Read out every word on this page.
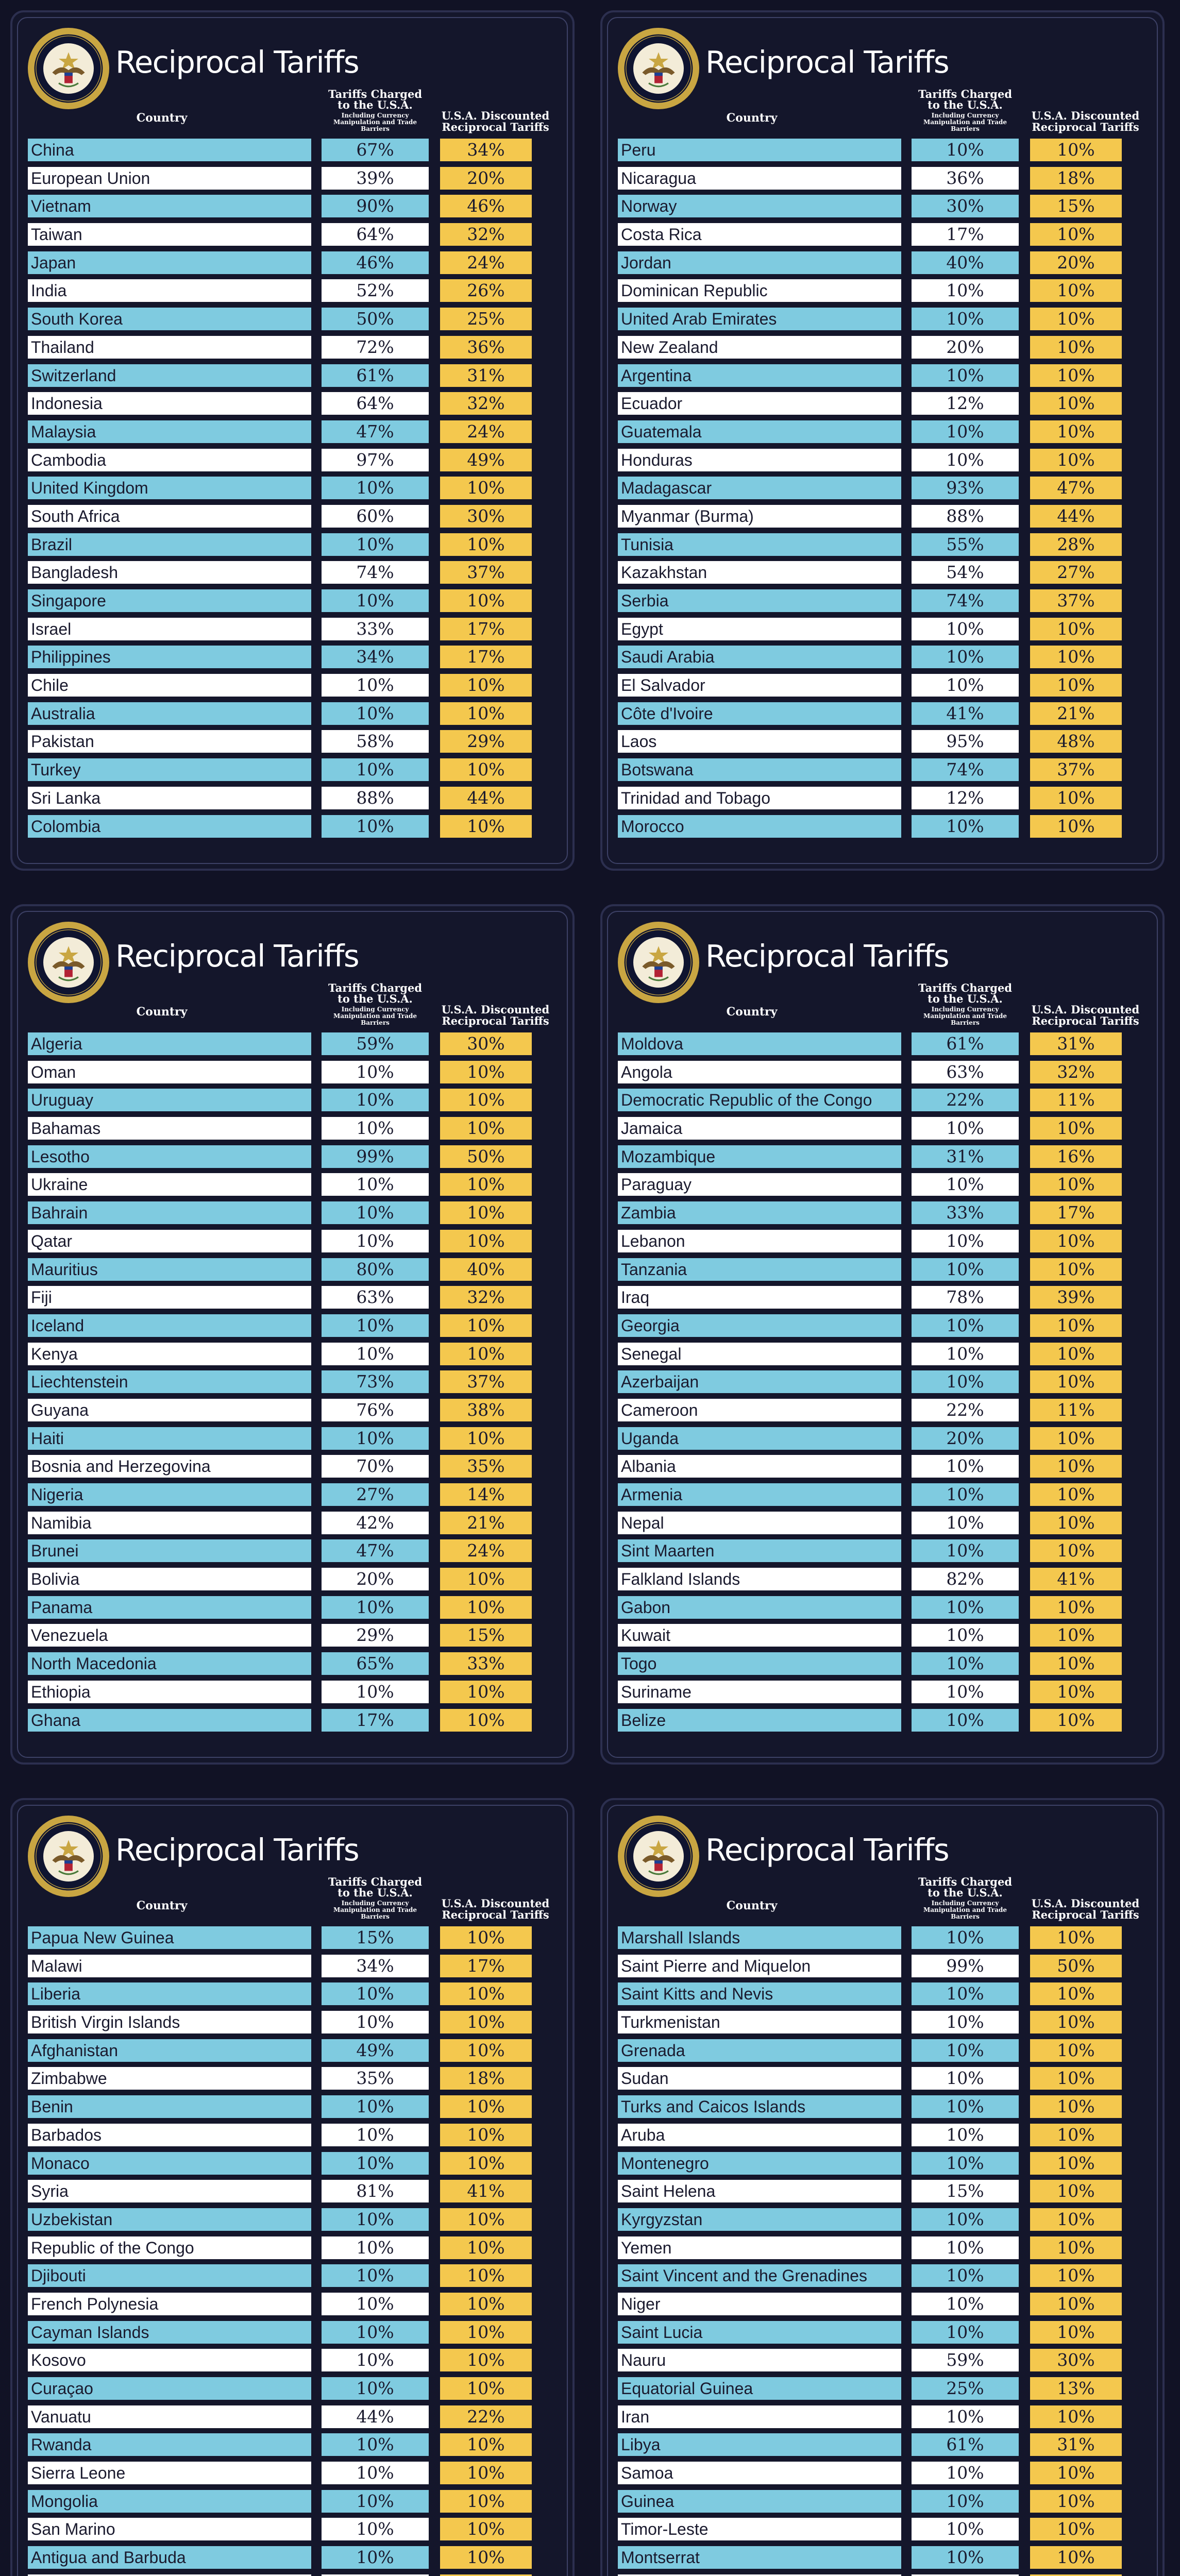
Reciprocal Tariffs
Country
Tariffs Charged to the U.S.A.
Including Currency Manipulation and Trade Barriers
U.S.A. Discounted Reciprocal Tariffs
China	67%	34%
European Union	39%	20%
Vietnam	90%	46%
Taiwan	64%	32%
Japan	46%	24%
India	52%	26%
South Korea	50%	25%
Thailand	72%	36%
Switzerland	61%	31%
Indonesia	64%	32%
Malaysia	47%	24%
Cambodia	97%	49%
United Kingdom	10%	10%
South Africa	60%	30%
Brazil	10%	10%
Bangladesh	74%	37%
Singapore	10%	10%
Israel	33%	17%
Philippines	34%	17%
Chile	10%	10%
Australia	10%	10%
Pakistan	58%	29%
Turkey	10%	10%
Sri Lanka	88%	44%
Colombia	10%	10%
Reciprocal Tariffs
Country
Tariffs Charged to the U.S.A.
Including Currency Manipulation and Trade Barriers
U.S.A. Discounted Reciprocal Tariffs
Peru	10%	10%
Nicaragua	36%	18%
Norway	30%	15%
Costa Rica	17%	10%
Jordan	40%	20%
Dominican Republic	10%	10%
United Arab Emirates	10%	10%
New Zealand	20%	10%
Argentina	10%	10%
Ecuador	12%	10%
Guatemala	10%	10%
Honduras	10%	10%
Madagascar	93%	47%
Myanmar (Burma)	88%	44%
Tunisia	55%	28%
Kazakhstan	54%	27%
Serbia	74%	37%
Egypt	10%	10%
Saudi Arabia	10%	10%
El Salvador	10%	10%
Côte d'Ivoire	41%	21%
Laos	95%	48%
Botswana	74%	37%
Trinidad and Tobago	12%	10%
Morocco	10%	10%
Reciprocal Tariffs
Country
Tariffs Charged to the U.S.A.
Including Currency Manipulation and Trade Barriers
U.S.A. Discounted Reciprocal Tariffs
Algeria	59%	30%
Oman	10%	10%
Uruguay	10%	10%
Bahamas	10%	10%
Lesotho	99%	50%
Ukraine	10%	10%
Bahrain	10%	10%
Qatar	10%	10%
Mauritius	80%	40%
Fiji	63%	32%
Iceland	10%	10%
Kenya	10%	10%
Liechtenstein	73%	37%
Guyana	76%	38%
Haiti	10%	10%
Bosnia and Herzegovina	70%	35%
Nigeria	27%	14%
Namibia	42%	21%
Brunei	47%	24%
Bolivia	20%	10%
Panama	10%	10%
Venezuela	29%	15%
North Macedonia	65%	33%
Ethiopia	10%	10%
Ghana	17%	10%
Reciprocal Tariffs
Country
Tariffs Charged to the U.S.A.
Including Currency Manipulation and Trade Barriers
U.S.A. Discounted Reciprocal Tariffs
Moldova	61%	31%
Angola	63%	32%
Democratic Republic of the Congo	22%	11%
Jamaica	10%	10%
Mozambique	31%	16%
Paraguay	10%	10%
Zambia	33%	17%
Lebanon	10%	10%
Tanzania	10%	10%
Iraq	78%	39%
Georgia	10%	10%
Senegal	10%	10%
Azerbaijan	10%	10%
Cameroon	22%	11%
Uganda	20%	10%
Albania	10%	10%
Armenia	10%	10%
Nepal	10%	10%
Sint Maarten	10%	10%
Falkland Islands	82%	41%
Gabon	10%	10%
Kuwait	10%	10%
Togo	10%	10%
Suriname	10%	10%
Belize	10%	10%
Reciprocal Tariffs
Country
Tariffs Charged to the U.S.A.
Including Currency Manipulation and Trade Barriers
U.S.A. Discounted Reciprocal Tariffs
Papua New Guinea	15%	10%
Malawi	34%	17%
Liberia	10%	10%
British Virgin Islands	10%	10%
Afghanistan	49%	10%
Zimbabwe	35%	18%
Benin	10%	10%
Barbados	10%	10%
Monaco	10%	10%
Syria	81%	41%
Uzbekistan	10%	10%
Republic of the Congo	10%	10%
Djibouti	10%	10%
French Polynesia	10%	10%
Cayman Islands	10%	10%
Kosovo	10%	10%
Curaçao	10%	10%
Vanuatu	44%	22%
Rwanda	10%	10%
Sierra Leone	10%	10%
Mongolia	10%	10%
San Marino	10%	10%
Antigua and Barbuda	10%	10%
Reciprocal Tariffs
Country
Tariffs Charged to the U.S.A.
Including Currency Manipulation and Trade Barriers
U.S.A. Discounted Reciprocal Tariffs
Marshall Islands	10%	10%
Saint Pierre and Miquelon	99%	50%
Saint Kitts and Nevis	10%	10%
Turkmenistan	10%	10%
Grenada	10%	10%
Sudan	10%	10%
Turks and Caicos Islands	10%	10%
Aruba	10%	10%
Montenegro	10%	10%
Saint Helena	15%	10%
Kyrgyzstan	10%	10%
Yemen	10%	10%
Saint Vincent and the Grenadines	10%	10%
Niger	10%	10%
Saint Lucia	10%	10%
Nauru	59%	30%
Equatorial Guinea	25%	13%
Iran	10%	10%
Libya	61%	31%
Samoa	10%	10%
Guinea	10%	10%
Timor-Leste	10%	10%
Montserrat	10%	10%
